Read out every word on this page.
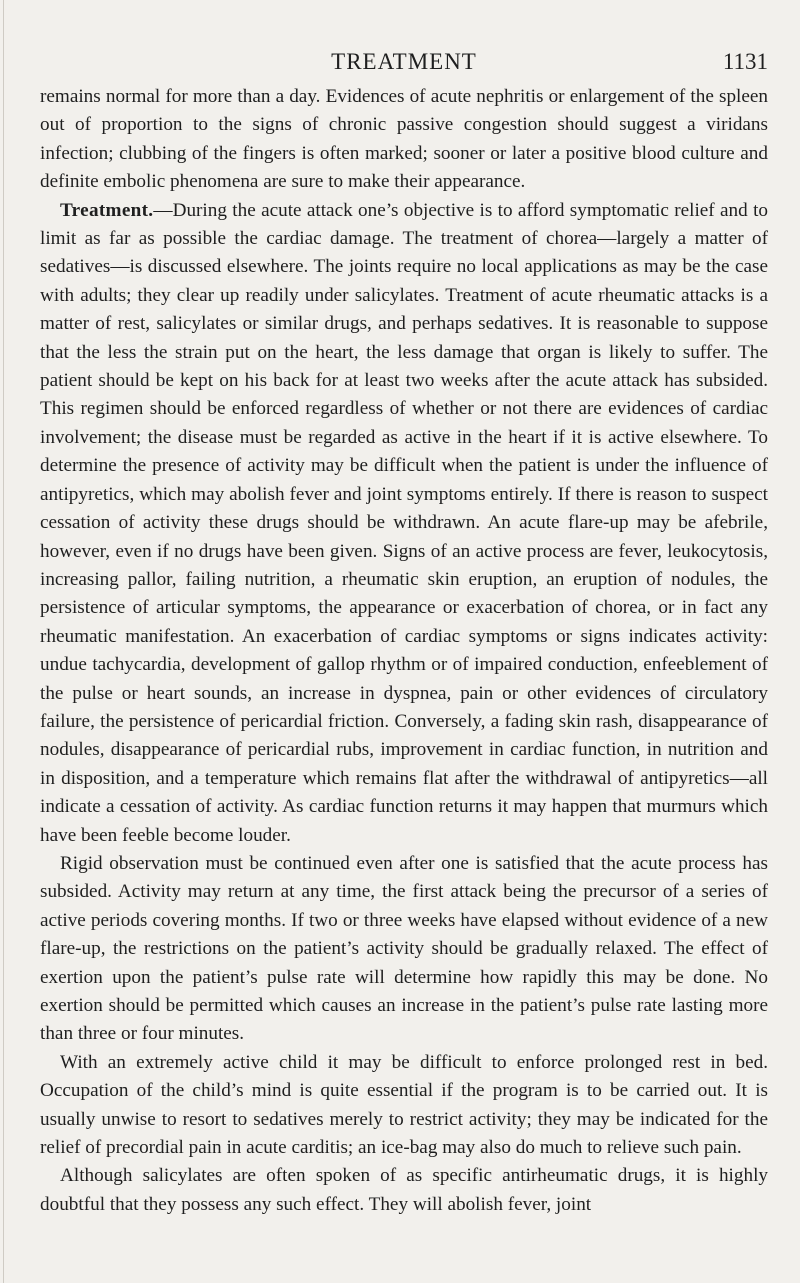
TREATMENT	1131

remains normal for more than a day. Evidences of acute nephritis or enlargement of the spleen out of proportion to the signs of chronic passive congestion should suggest a viridans infection; clubbing of the fingers is often marked; sooner or later a positive blood culture and definite embolic phenomena are sure to make their appearance.

Treatment.—During the acute attack one’s objective is to afford symptomatic relief and to limit as far as possible the cardiac damage. The treatment of chorea—largely a matter of sedatives—is discussed elsewhere. The joints require no local applications as may be the case with adults; they clear up readily under salicylates. Treatment of acute rheumatic attacks is a matter of rest, salicylates or similar drugs, and perhaps sedatives. It is reasonable to suppose that the less the strain put on the heart, the less damage that organ is likely to suffer. The patient should be kept on his back for at least two weeks after the acute attack has subsided. This regimen should be enforced regardless of whether or not there are evidences of cardiac involvement; the disease must be regarded as active in the heart if it is active elsewhere. To determine the presence of activity may be difficult when the patient is under the influence of antipyretics, which may abolish fever and joint symptoms entirely. If there is reason to suspect cessation of activity these drugs should be withdrawn. An acute flare-up may be afebrile, however, even if no drugs have been given. Signs of an active process are fever, leukocytosis, increasing pallor, failing nutrition, a rheumatic skin eruption, an eruption of nodules, the persistence of articular symptoms, the appearance or exacerbation of chorea, or in fact any rheumatic manifestation. An exacerbation of cardiac symptoms or signs indicates activity: undue tachycardia, development of gallop rhythm or of impaired conduction, enfeeblement of the pulse or heart sounds, an increase in dyspnea, pain or other evidences of circulatory failure, the persistence of pericardial friction. Conversely, a fading skin rash, disappearance of nodules, disappearance of pericardial rubs, improvement in cardiac function, in nutrition and in disposition, and a temperature which remains flat after the withdrawal of antipyretics—all indicate a cessation of activity. As cardiac function returns it may happen that murmurs which have been feeble become louder.

Rigid observation must be continued even after one is satisfied that the acute process has subsided. Activity may return at any time, the first attack being the precursor of a series of active periods covering months. If two or three weeks have elapsed without evidence of a new flare-up, the restrictions on the patient’s activity should be gradually relaxed. The effect of exertion upon the patient’s pulse rate will determine how rapidly this may be done. No exertion should be permitted which causes an increase in the patient’s pulse rate lasting more than three or four minutes.

With an extremely active child it may be difficult to enforce prolonged rest in bed. Occupation of the child’s mind is quite essential if the program is to be carried out. It is usually unwise to resort to sedatives merely to restrict activity; they may be indicated for the relief of precordial pain in acute carditis; an ice-bag may also do much to relieve such pain.

Although salicylates are often spoken of as specific antirheumatic drugs, it is highly doubtful that they possess any such effect. They will abolish fever, joint
